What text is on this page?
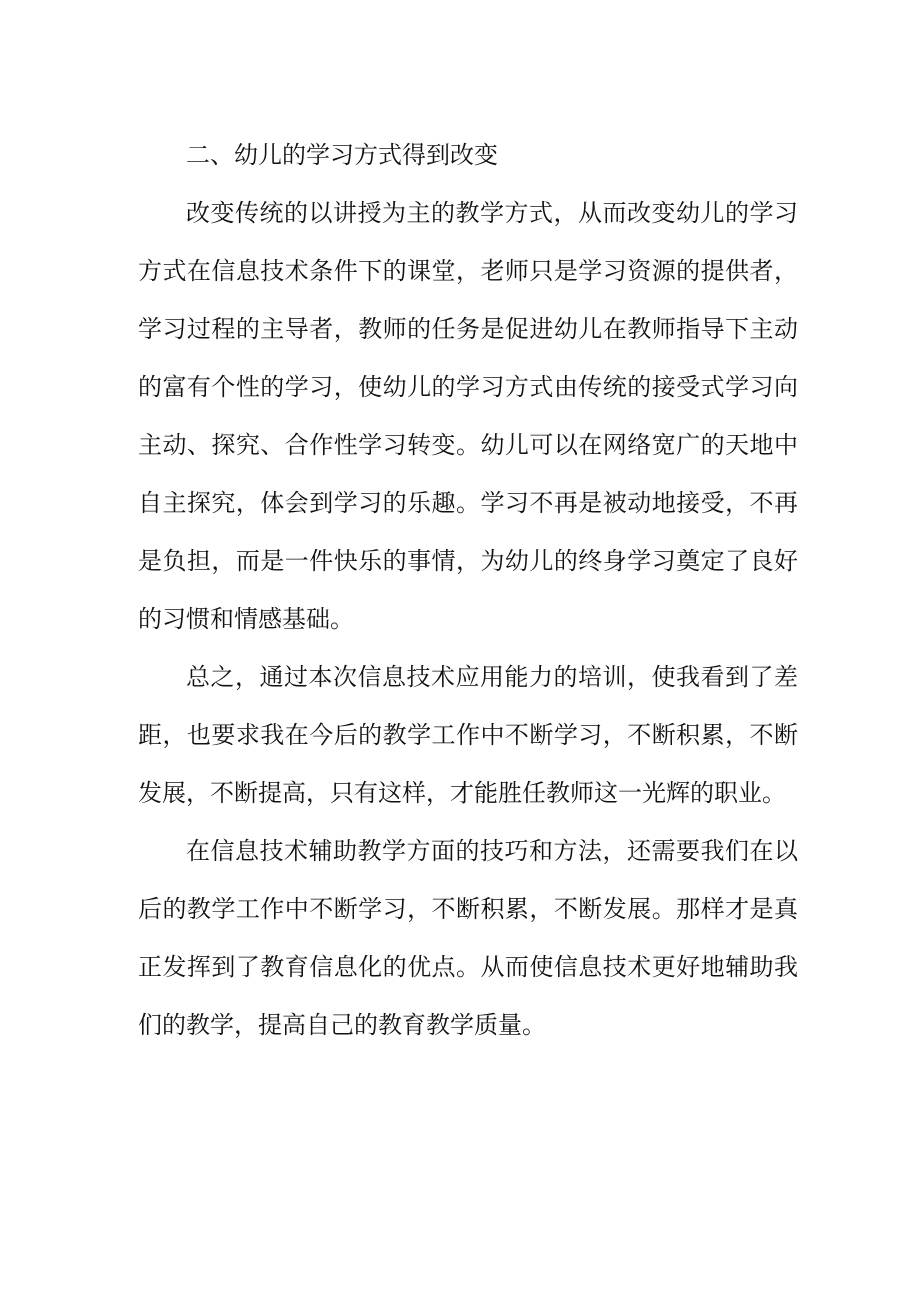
二、幼儿的学习方式得到改变

改变传统的以讲授为主的教学方式，从而改变幼儿的学习方式在信息技术条件下的课堂，老师只是学习资源的提供者，学习过程的主导者，教师的任务是促进幼儿在教师指导下主动的富有个性的学习，使幼儿的学习方式由传统的接受式学习向主动、探究、合作性学习转变。幼儿可以在网络宽广的天地中自主探究，体会到学习的乐趣。学习不再是被动地接受，不再是负担，而是一件快乐的事情，为幼儿的终身学习奠定了良好的习惯和情感基础。

总之，通过本次信息技术应用能力的培训，使我看到了差距，也要求我在今后的教学工作中不断学习，不断积累，不断发展，不断提高，只有这样，才能胜任教师这一光辉的职业。

在信息技术辅助教学方面的技巧和方法，还需要我们在以后的教学工作中不断学习，不断积累，不断发展。那样才是真正发挥到了教育信息化的优点。从而使信息技术更好地辅助我们的教学，提高自己的教育教学质量。
